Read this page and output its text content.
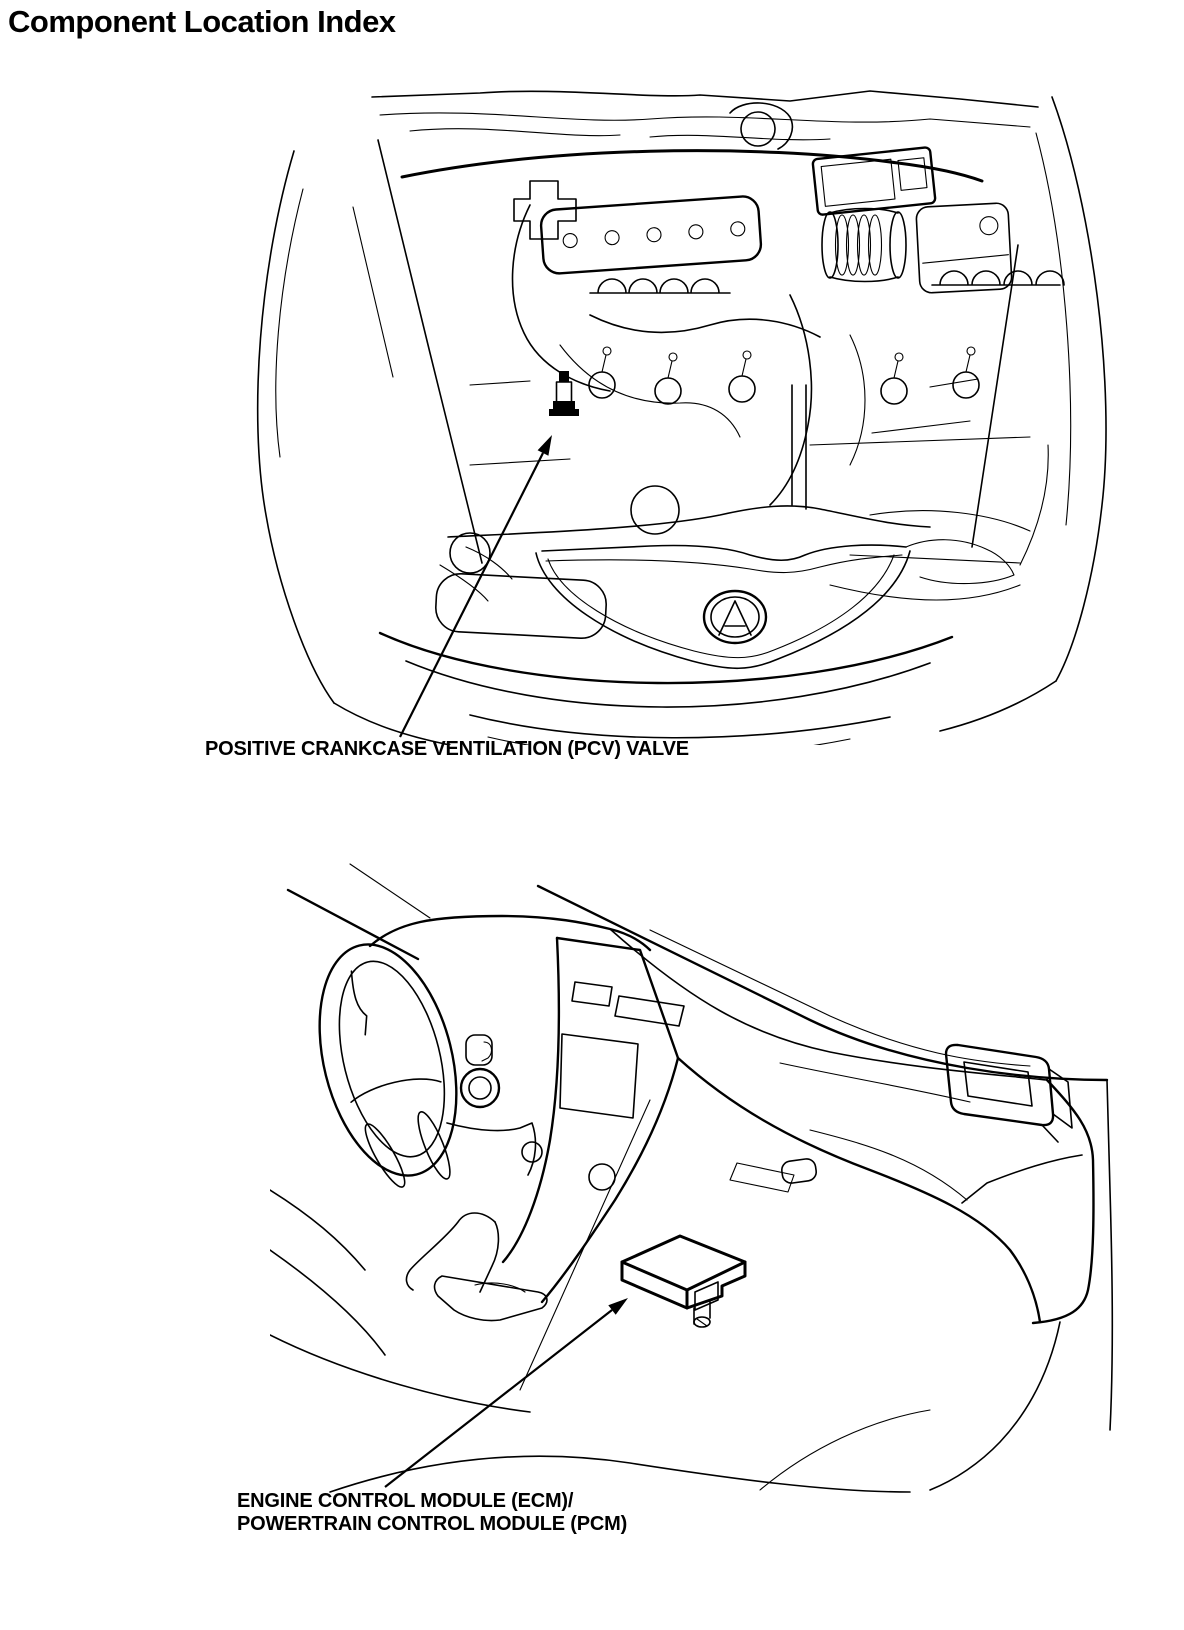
Component Location Index
POSITIVE CRANKCASE VENTILATION (PCV) VALVE
ENGINE CONTROL MODULE (ECM)/
POWERTRAIN CONTROL MODULE (PCM)
